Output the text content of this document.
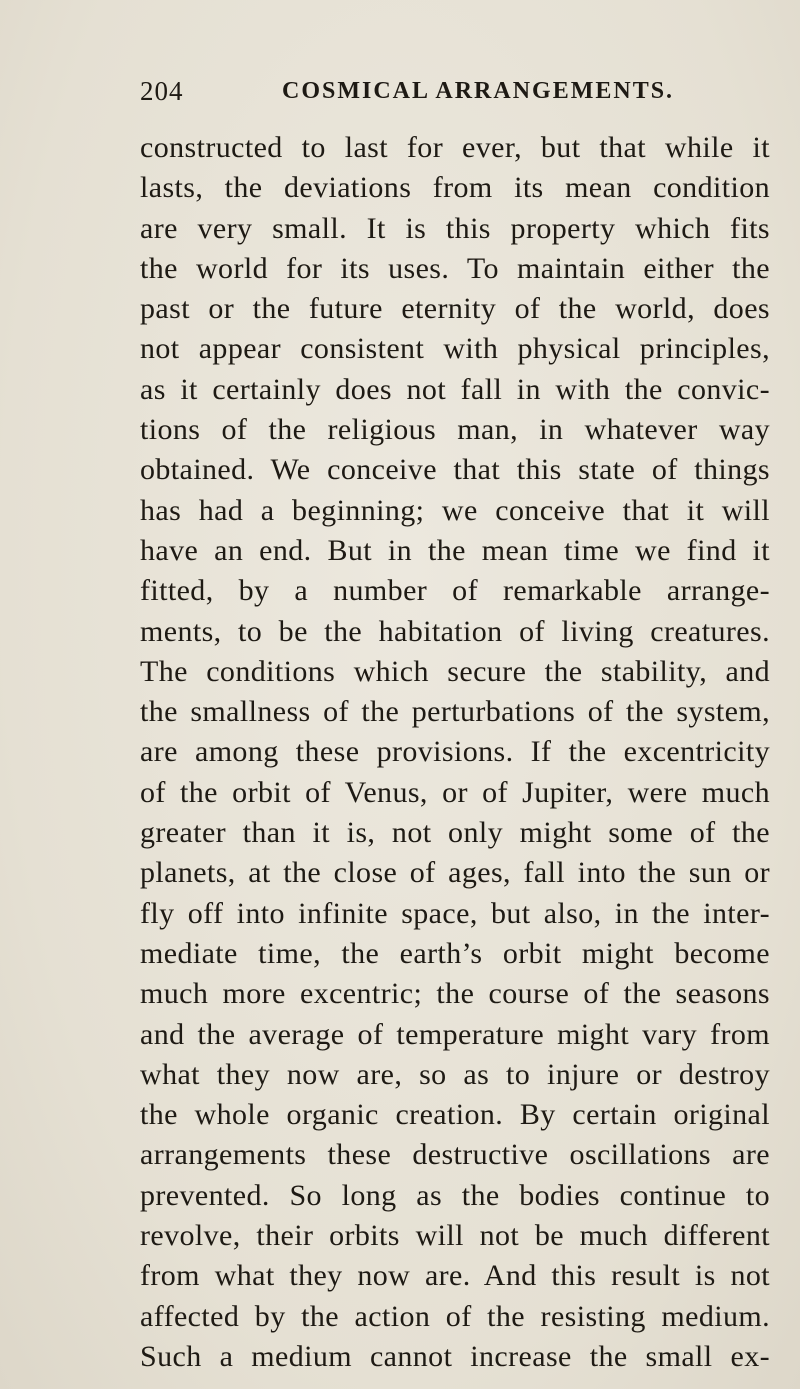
204	COSMICAL ARRANGEMENTS.
constructed to last for ever, but that while it
lasts, the deviations from its mean condition
are very small. It is this property which fits
the world for its uses. To maintain either the
past or the future eternity of the world, does
not appear consistent with physical principles,
as it certainly does not fall in with the convic-
tions of the religious man, in whatever way
obtained. We conceive that this state of things
has had a beginning; we conceive that it will
have an end. But in the mean time we find it
fitted, by a number of remarkable arrange-
ments, to be the habitation of living creatures.
The conditions which secure the stability, and
the smallness of the perturbations of the system,
are among these provisions. If the excentricity
of the orbit of Venus, or of Jupiter, were much
greater than it is, not only might some of the
planets, at the close of ages, fall into the sun or
fly off into infinite space, but also, in the inter-
mediate time, the earth’s orbit might become
much more excentric; the course of the seasons
and the average of temperature might vary from
what they now are, so as to injure or destroy
the whole organic creation. By certain original
arrangements these destructive oscillations are
prevented. So long as the bodies continue to
revolve, their orbits will not be much different
from what they now are. And this result is not
affected by the action of the resisting medium.
Such a medium cannot increase the small ex-
